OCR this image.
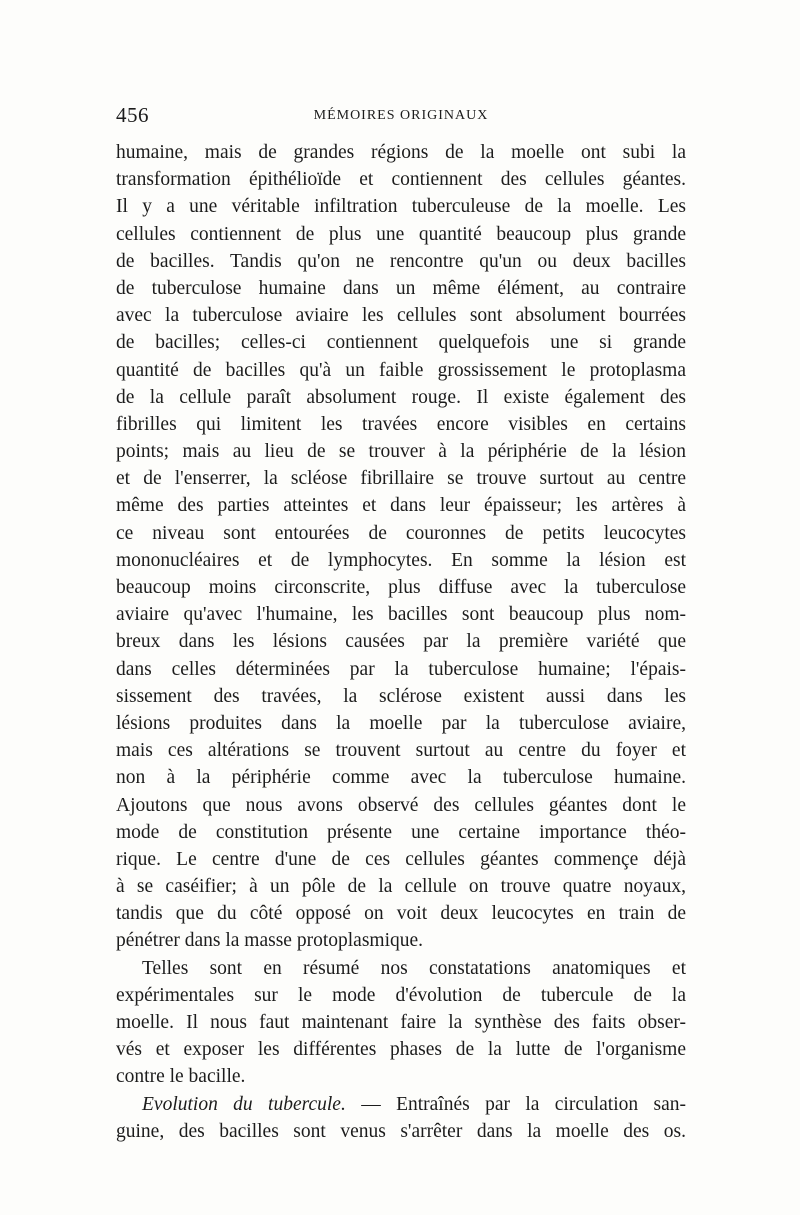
456	MÉMOIRES ORIGINAUX
humaine, mais de grandes régions de la moelle ont subi la
transformation épithélioïde et contiennent des cellules géantes.
Il y a une véritable infiltration tuberculeuse de la moelle. Les
cellules contiennent de plus une quantité beaucoup plus grande
de bacilles. Tandis qu'on ne rencontre qu'un ou deux bacilles
de tuberculose humaine dans un même élément, au contraire
avec la tuberculose aviaire les cellules sont absolument bourrées
de bacilles; celles-ci contiennent quelquefois une si grande
quantité de bacilles qu'à un faible grossissement le protoplasma
de la cellule paraît absolument rouge. Il existe également des
fibrilles qui limitent les travées encore visibles en certains
points; mais au lieu de se trouver à la périphérie de la lésion
et de l'enserrer, la scléose fibrillaire se trouve surtout au centre
même des parties atteintes et dans leur épaisseur; les artères à
ce niveau sont entourées de couronnes de petits leucocytes
mononucléaires et de lymphocytes. En somme la lésion est
beaucoup moins circonscrite, plus diffuse avec la tuberculose
aviaire qu'avec l'humaine, les bacilles sont beaucoup plus nom-
breux dans les lésions causées par la première variété que
dans celles déterminées par la tuberculose humaine; l'épais-
sissement des travées, la sclérose existent aussi dans les
lésions produites dans la moelle par la tuberculose aviaire,
mais ces altérations se trouvent surtout au centre du foyer et
non à la périphérie comme avec la tuberculose humaine.
Ajoutons que nous avons observé des cellules géantes dont le
mode de constitution présente une certaine importance théo-
rique. Le centre d'une de ces cellules géantes commençe déjà
à se caséifier; à un pôle de la cellule on trouve quatre noyaux,
tandis que du côté opposé on voit deux leucocytes en train de
pénétrer dans la masse protoplasmique.
Telles sont en résumé nos constatations anatomiques et
expérimentales sur le mode d'évolution de tubercule de la
moelle. Il nous faut maintenant faire la synthèse des faits obser-
vés et exposer les différentes phases de la lutte de l'organisme
contre le bacille.
Evolution du tubercule. — Entraînés par la circulation san-
guine, des bacilles sont venus s'arrêter dans la moelle des os.
